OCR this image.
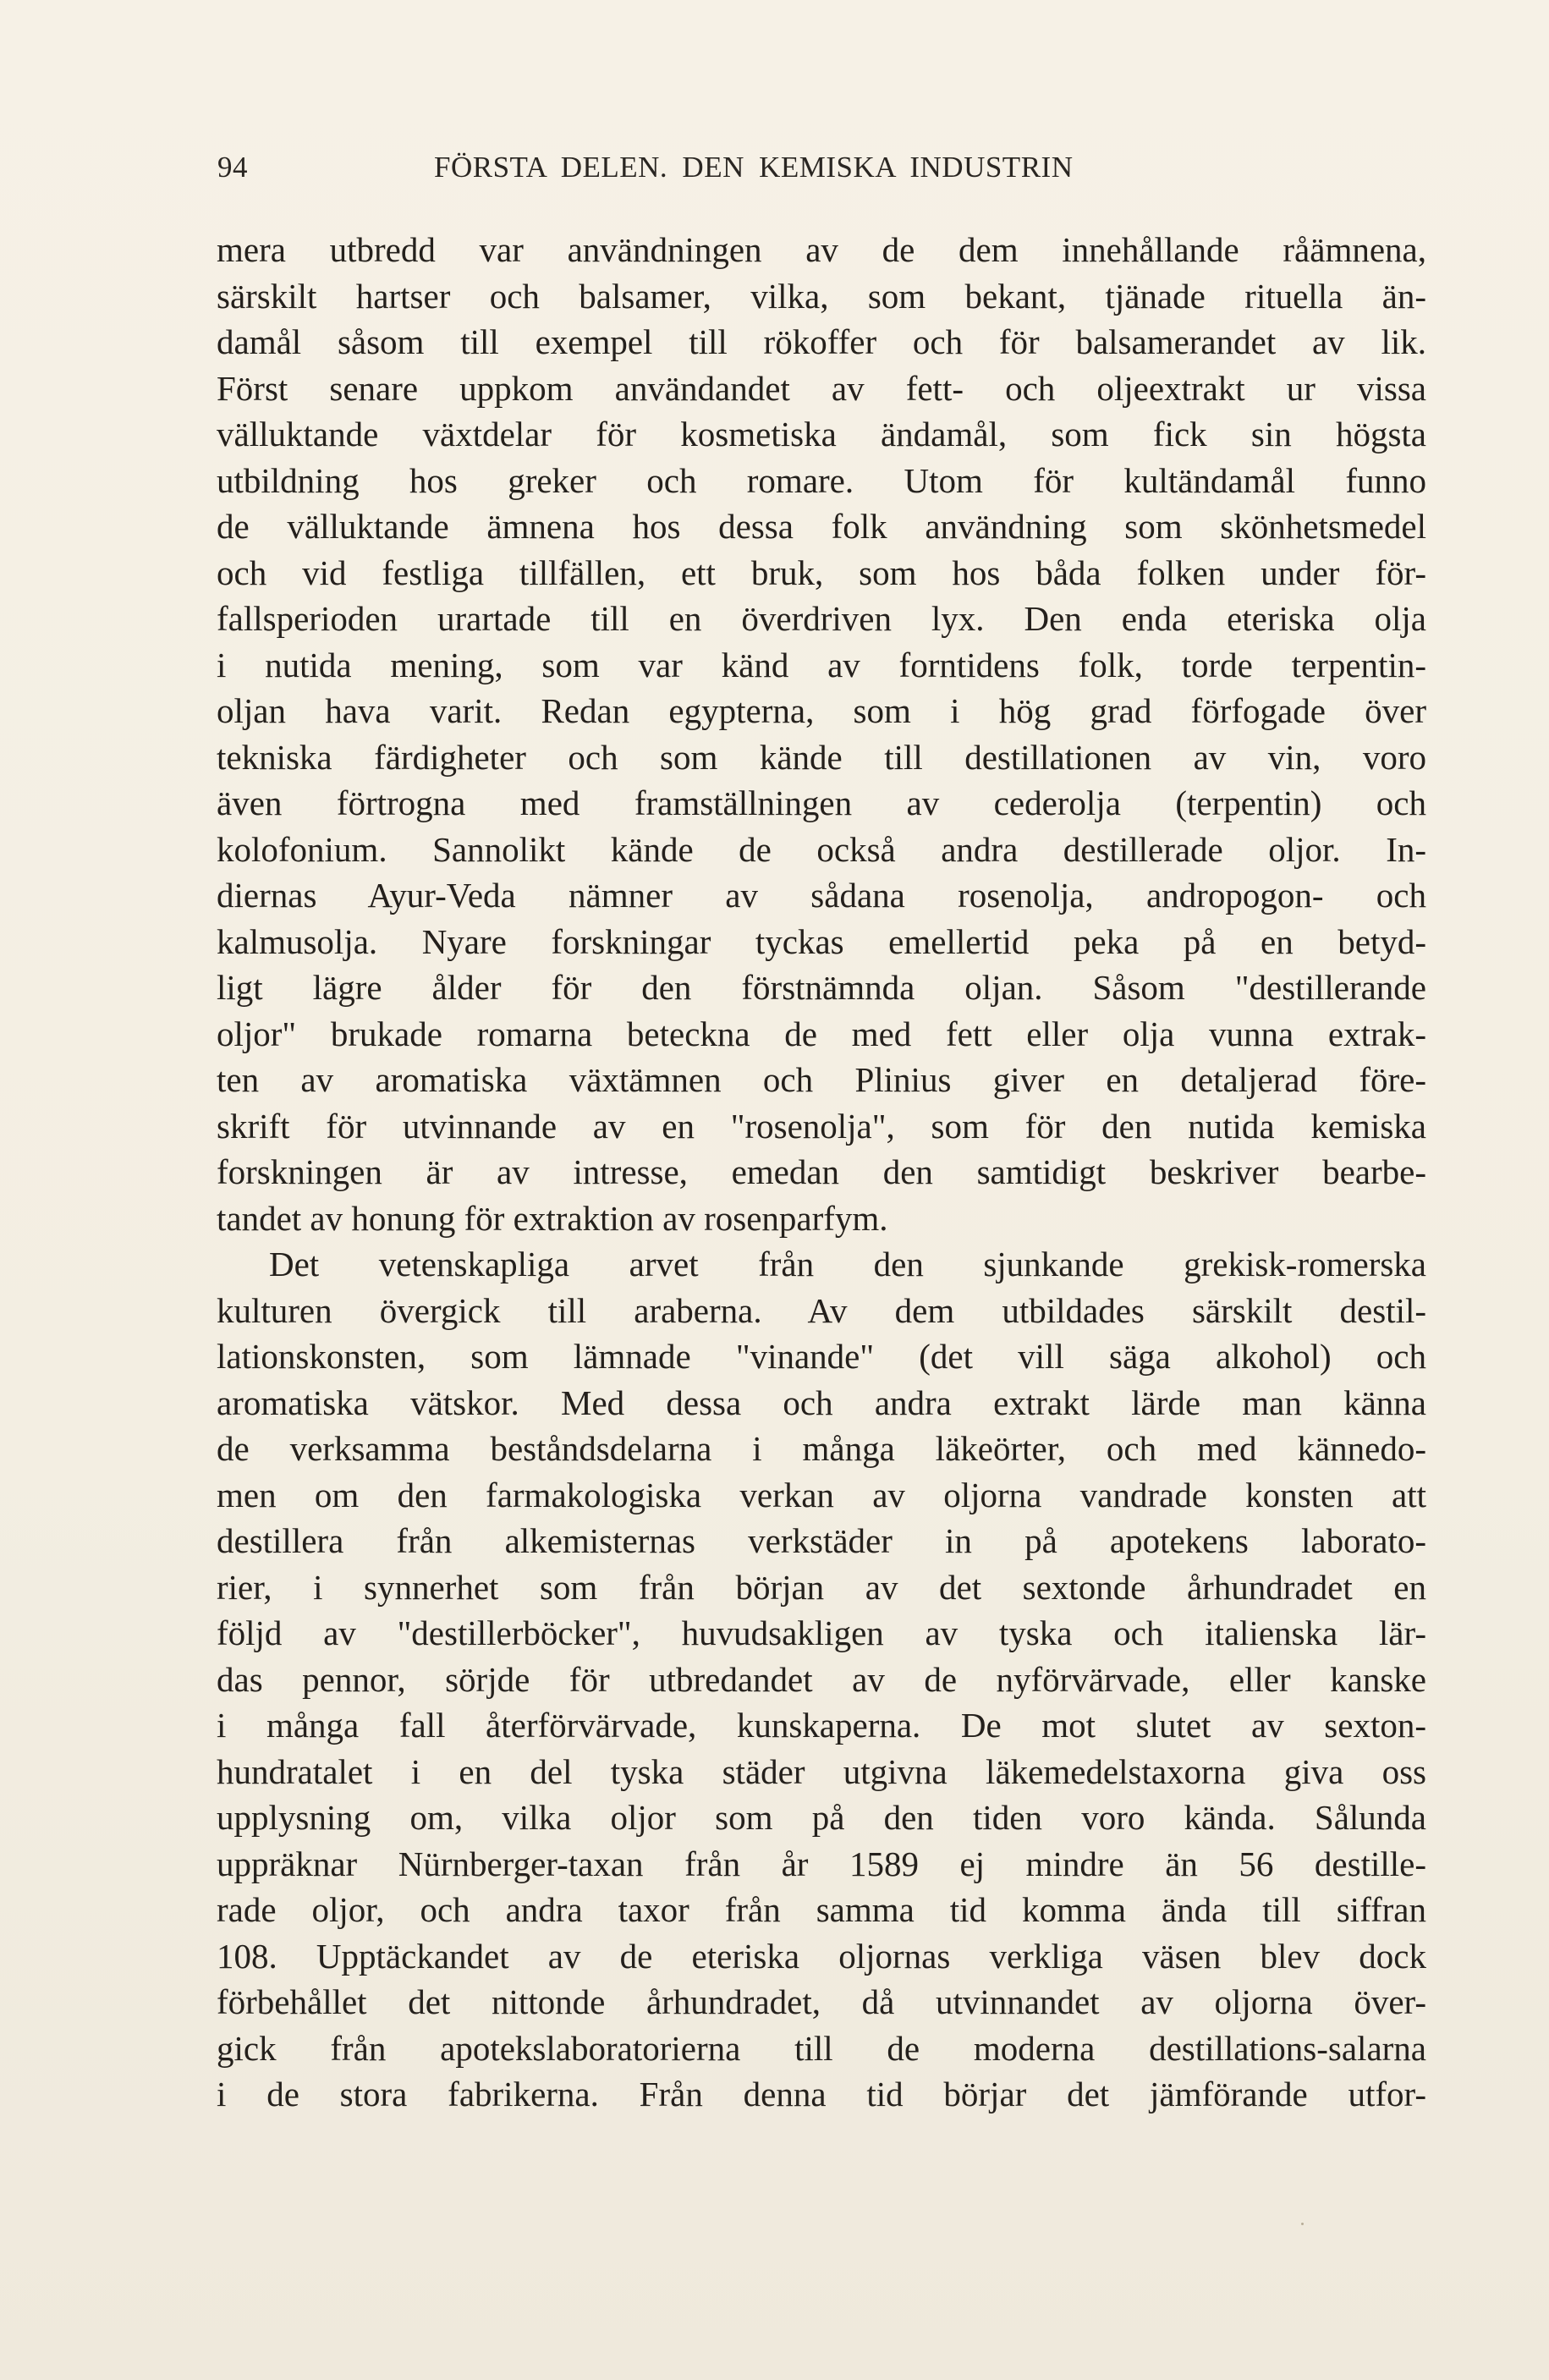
94	FÖRSTA DELEN. DEN KEMISKA INDUSTRIN
mera utbredd var användningen av de dem innehållande råämnena,
särskilt hartser och balsamer, vilka, som bekant, tjänade rituella än-
damål såsom till exempel till rökoffer och för balsamerandet av lik.
Först senare uppkom användandet av fett- och oljeextrakt ur vissa
välluktande växtdelar för kosmetiska ändamål, som fick sin högsta
utbildning hos greker och romare. Utom för kultändamål funno
de välluktande ämnena hos dessa folk användning som skönhetsmedel
och vid festliga tillfällen, ett bruk, som hos båda folken under för-
fallsperioden urartade till en överdriven lyx. Den enda eteriska olja
i nutida mening, som var känd av forntidens folk, torde terpentin-
oljan hava varit. Redan egypterna, som i hög grad förfogade över
tekniska färdigheter och som kände till destillationen av vin, voro
även förtrogna med framställningen av cederolja (terpentin) och
kolofonium. Sannolikt kände de också andra destillerade oljor. In-
diernas Ayur-Veda nämner av sådana rosenolja, andropogon- och
kalmusolja. Nyare forskningar tyckas emellertid peka på en betyd-
ligt lägre ålder för den förstnämnda oljan. Såsom "destillerande
oljor" brukade romarna beteckna de med fett eller olja vunna extrak-
ten av aromatiska växtämnen och Plinius giver en detaljerad före-
skrift för utvinnande av en "rosenolja", som för den nutida kemiska
forskningen är av intresse, emedan den samtidigt beskriver bearbe-
tandet av honung för extraktion av rosenparfym.
Det vetenskapliga arvet från den sjunkande grekisk-romerska
kulturen övergick till araberna. Av dem utbildades särskilt destil-
lationskonsten, som lämnade "vinande" (det vill säga alkohol) och
aromatiska vätskor. Med dessa och andra extrakt lärde man känna
de verksamma beståndsdelarna i många läkeörter, och med kännedo-
men om den farmakologiska verkan av oljorna vandrade konsten att
destillera från alkemisternas verkstäder in på apotekens laborato-
rier, i synnerhet som från början av det sextonde århundradet en
följd av "destillerböcker", huvudsakligen av tyska och italienska lär-
das pennor, sörjde för utbredandet av de nyförvärvade, eller kanske
i många fall återförvärvade, kunskaperna. De mot slutet av sexton-
hundratalet i en del tyska städer utgivna läkemedelstaxorna giva oss
upplysning om, vilka oljor som på den tiden voro kända. Sålunda
uppräknar Nürnberger-taxan från år 1589 ej mindre än 56 destille-
rade oljor, och andra taxor från samma tid komma ända till siffran
108. Upptäckandet av de eteriska oljornas verkliga väsen blev dock
förbehållet det nittonde århundradet, då utvinnandet av oljorna över-
gick från apotekslaboratorierna till de moderna destillations-salarna
i de stora fabrikerna. Från denna tid börjar det jämförande utfor-
